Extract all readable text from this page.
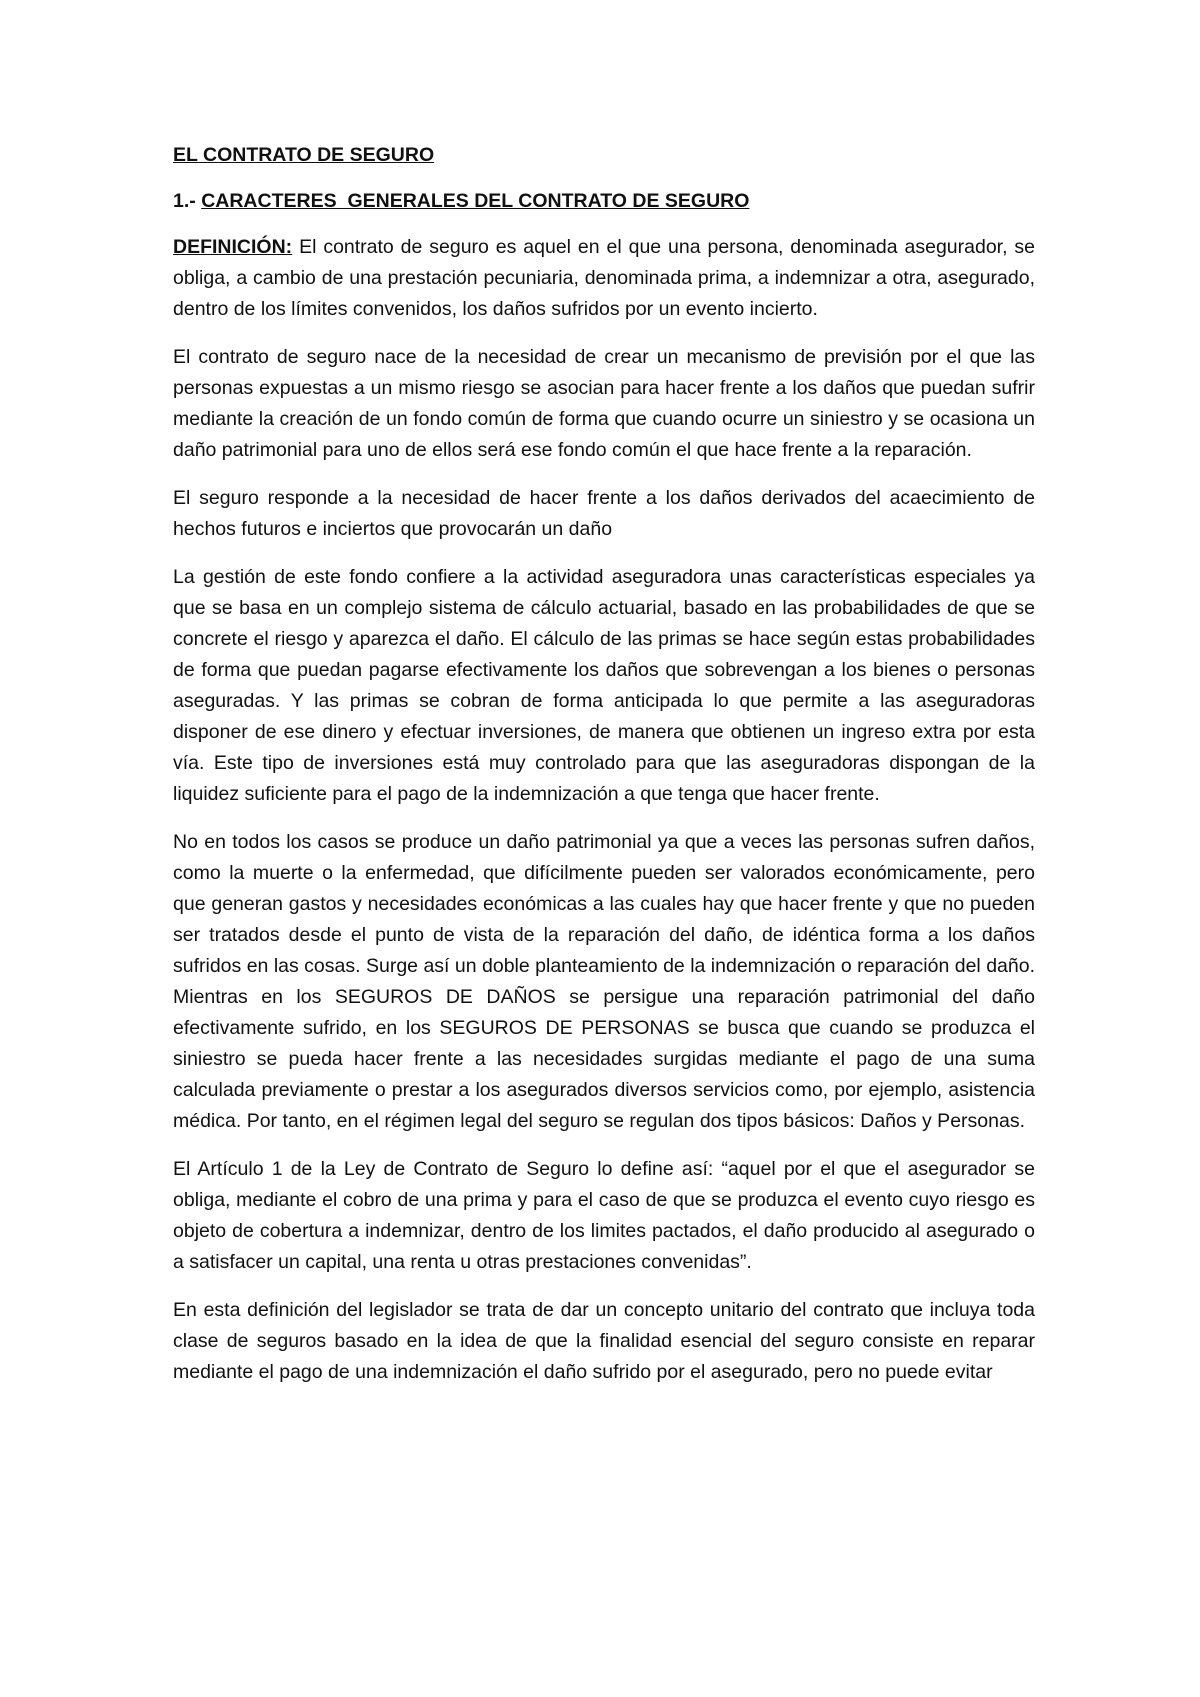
EL CONTRATO DE SEGURO
1.- CARACTERES  GENERALES DEL CONTRATO DE SEGURO

DEFINICIÓN: El contrato de seguro es aquel en el que una persona, denominada asegurador, se obliga, a cambio de una prestación pecuniaria, denominada prima, a indemnizar a otra, asegurado, dentro de los límites convenidos, los daños sufridos por un evento incierto.

El contrato de seguro nace de la necesidad de crear un mecanismo de previsión por el que las personas expuestas a un mismo riesgo se asocian para hacer frente a los daños que puedan sufrir mediante la creación de un fondo común de forma que cuando ocurre un siniestro y se ocasiona un daño patrimonial para uno de ellos será ese fondo común el que hace frente a la reparación.

El seguro responde a la necesidad de hacer frente a los daños derivados del acaecimiento de hechos futuros e inciertos que provocarán un daño

La gestión de este fondo confiere a la actividad aseguradora unas características especiales ya que se basa en un complejo sistema de cálculo actuarial, basado en las probabilidades de que se concrete el riesgo y aparezca el daño. El cálculo de las primas se hace según estas probabilidades de forma que puedan pagarse efectivamente los daños que sobrevengan a los bienes o personas aseguradas. Y las primas se cobran de forma anticipada lo que permite a las aseguradoras disponer de ese dinero y efectuar inversiones, de manera que obtienen un ingreso extra por esta vía. Este tipo de inversiones está muy controlado para que las aseguradoras dispongan de la liquidez suficiente para el pago de la indemnización a que tenga que hacer frente.

No en todos los casos se produce un daño patrimonial ya que a veces las personas sufren daños, como la muerte o la enfermedad, que difícilmente pueden ser valorados económicamente, pero que generan gastos y necesidades económicas a las cuales hay que hacer frente y que no pueden ser tratados desde el punto de vista de la reparación del daño, de idéntica forma a los daños sufridos en las cosas. Surge así un doble planteamiento de la indemnización o reparación del daño. Mientras en los SEGUROS DE DAÑOS se persigue una reparación patrimonial del daño efectivamente sufrido, en los SEGUROS DE PERSONAS se busca que cuando se produzca el siniestro se pueda hacer frente a las necesidades surgidas mediante el pago de una suma calculada previamente o prestar a los asegurados diversos servicios como, por ejemplo, asistencia médica. Por tanto, en el régimen legal del seguro se regulan dos tipos básicos: Daños y Personas.

El Artículo 1 de la Ley de Contrato de Seguro lo define así: “aquel por el que el asegurador se obliga, mediante el cobro de una prima y para el caso de que se produzca el evento cuyo riesgo es objeto de cobertura a indemnizar, dentro de los limites pactados, el daño producido al asegurado o a satisfacer un capital, una renta u otras prestaciones convenidas”.

En esta definición del legislador se trata de dar un concepto unitario del contrato que incluya toda clase de seguros basado en la idea de que la finalidad esencial del seguro consiste en reparar mediante el pago de una indemnización el daño sufrido por el asegurado, pero no puede evitar
